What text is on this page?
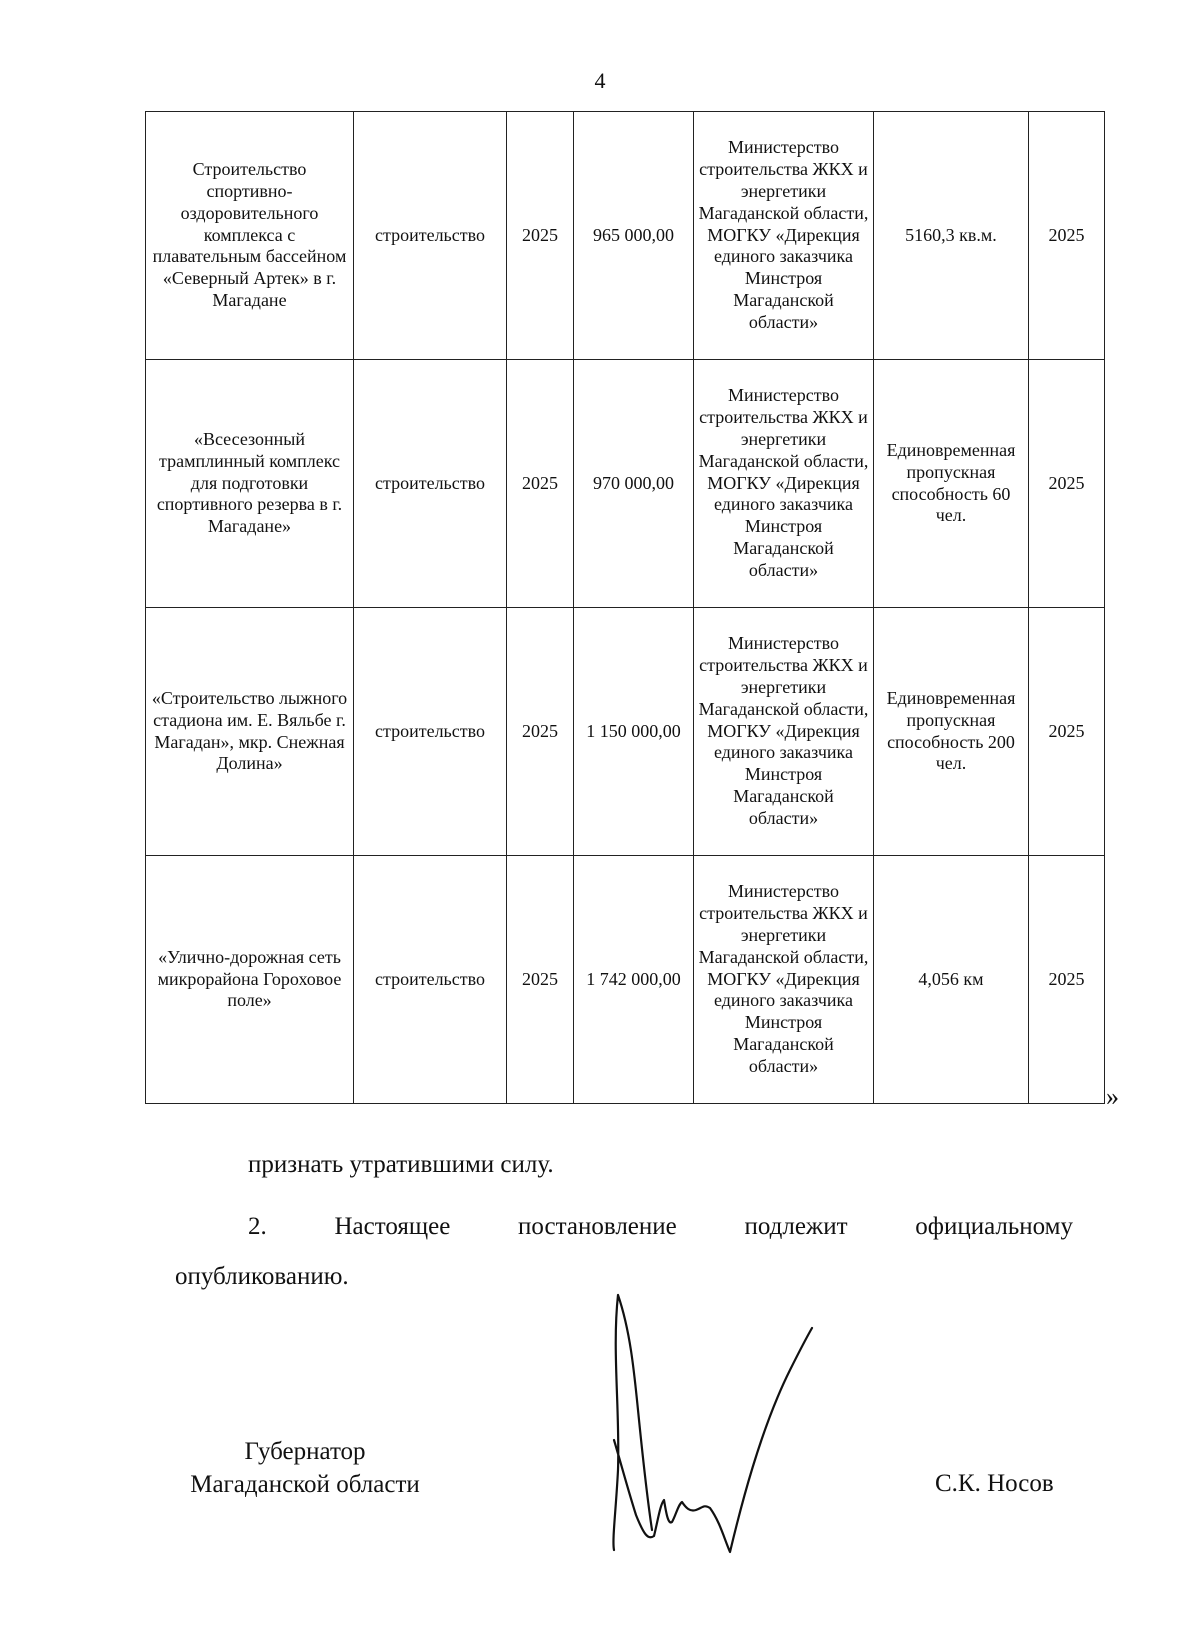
4
Строительство спортивно-оздоровительного комплекса с плавательным бассейном «Северный Артек» в г. Магадане	строительство	2025	965 000,00	Министерство строительства ЖКХ и энергетики Магаданской области, МОГКУ «Дирекция единого заказчика Минстроя Магаданской области»	5160,3 кв.м.	2025
«Всесезонный трамплинный комплекс для подготовки спортивного резерва в г. Магадане»	строительство	2025	970 000,00	Министерство строительства ЖКХ и энергетики Магаданской области, МОГКУ «Дирекция единого заказчика Минстроя Магаданской области»	Единовременная пропускная способность 60 чел.	2025
«Строительство лыжного стадиона им. Е. Вяльбе г. Магадан», мкр. Снежная Долина»	строительство	2025	1 150 000,00	Министерство строительства ЖКХ и энергетики Магаданской области, МОГКУ «Дирекция единого заказчика Минстроя Магаданской области»	Единовременная пропускная способность 200 чел.	2025
«Улично-дорожная сеть микрорайона Гороховое поле»	строительство	2025	1 742 000,00	Министерство строительства ЖКХ и энергетики Магаданской области, МОГКУ «Дирекция единого заказчика Минстроя Магаданской области»	4,056 км	2025
»
признать утратившими силу.
2. Настоящее постановление подлежит официальному
опубликованию.
Губернатор
Магаданской области	С.К. Носов
